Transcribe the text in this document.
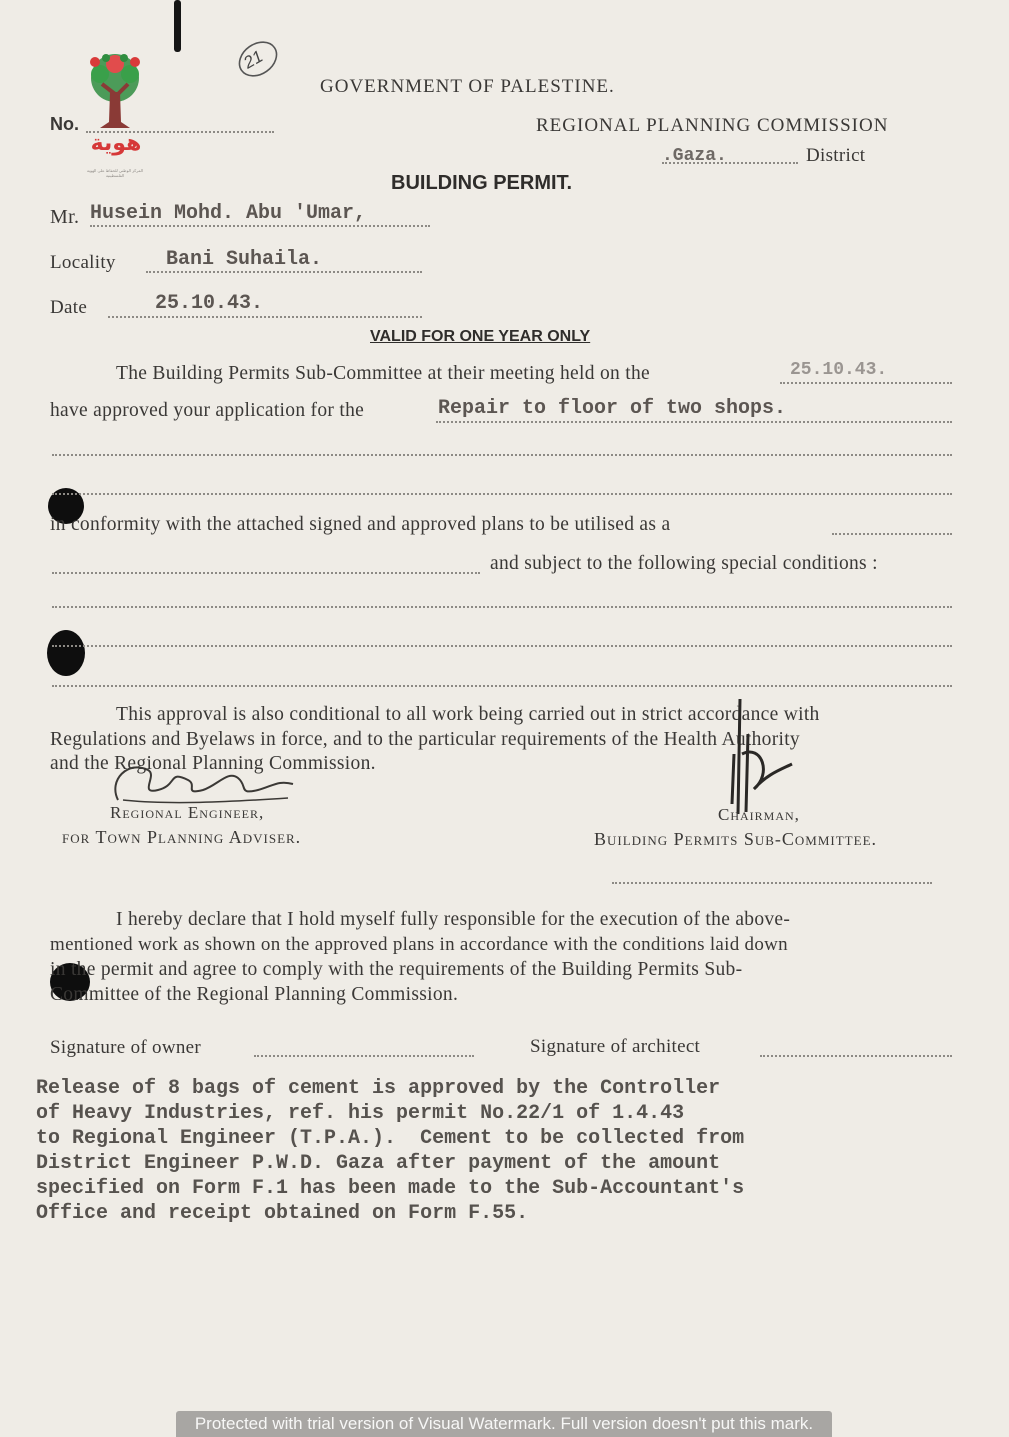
هوية
المركز الوطني للحفاظ على الهوية الفلسطينية
21
GOVERNMENT OF PALESTINE.
No.	REGIONAL PLANNING COMMISSION
.Gaza.	District
BUILDING PERMIT.
Mr. Husein Mohd. Abu 'Umar,
Locality	Bani Suhaila.
Date	25.10.43.
VALID FOR ONE YEAR ONLY
The Building Permits Sub-Committee at their meeting held on the	25.10.43.
have approved your application for the	Repair to floor of two shops.
in conformity with the attached signed and approved plans to be utilised as a
and subject to the following special conditions :
This approval is also conditional to all work being carried out in strict accordance with
Regulations and Byelaws in force, and to the particular requirements of the Health Authority
and the Regional Planning Commission.
Regional Engineer,
for Town Planning Adviser.
Chairman,
Building Permits Sub-Committee.
I hereby declare that I hold myself fully responsible for the execution of the above-
mentioned work as shown on the approved plans in accordance with the conditions laid down
in the permit and agree to comply with the requirements of the Building Permits Sub-
Committee of the Regional Planning Commission.
Signature of owner	Signature of architect
Release of 8 bags of cement is approved by the Controller
of Heavy Industries, ref. his permit No.22/1 of 1.4.43
to Regional Engineer (T.P.A.).  Cement to be collected from
District Engineer P.W.D. Gaza after payment of the amount
specified on Form F.1 has been made to the Sub-Accountant's
Office and receipt obtained on Form F.55.
Protected with trial version of Visual Watermark. Full version doesn't put this mark.
